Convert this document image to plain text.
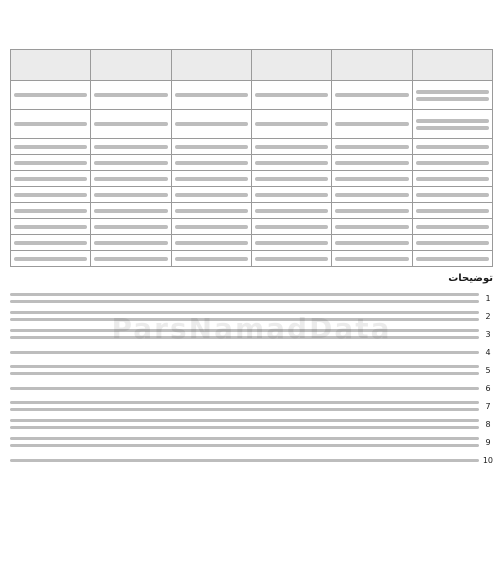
توضیحات
1
2
3
4
5
6
7
8
9
10
ParsNamadData
